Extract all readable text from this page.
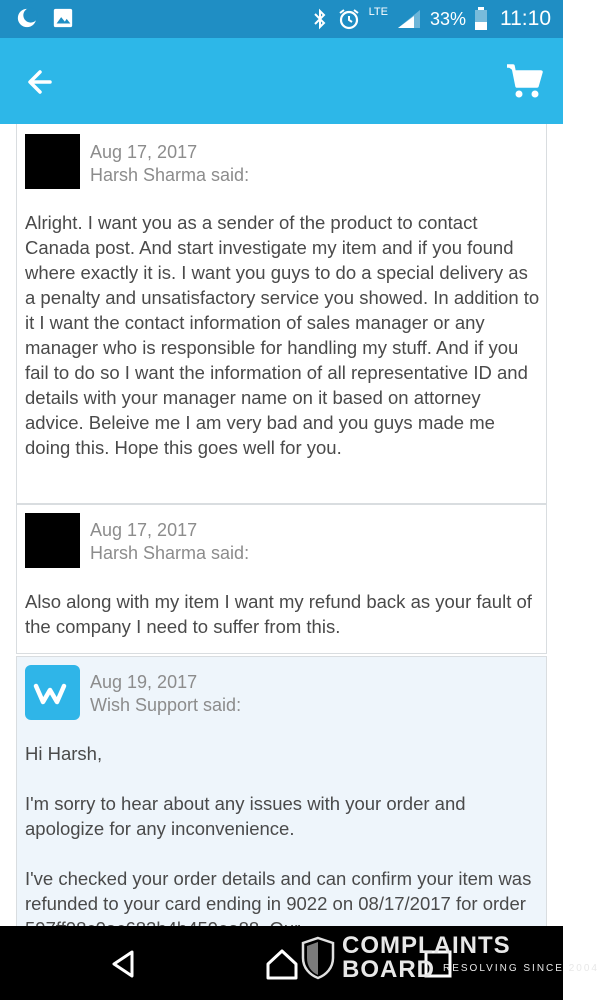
LTE 33% 11:10
Aug 17, 2017
Harsh Sharma said:
Alright. I want you as a sender of the product to contact Canada post. And start investigate my item and if you found where exactly it is. I want you guys to do a special delivery as a penalty and unsatisfactory service you showed. In addition to it I want the contact information of sales manager or any manager who is responsible for handling my stuff. And if you fail to do so I want the information of all representative ID and details with your manager name on it based on attorney advice. Beleive me I am very bad and you guys made me doing this. Hope this goes well for you.
Aug 17, 2017
Harsh Sharma said:
Also along with my item I want my refund back as your fault of the company I need to suffer from this.
Aug 19, 2017
Wish Support said:
Hi Harsh,
I'm sorry to hear about any issues with your order and apologize for any inconvenience.
I've checked your order details and can confirm your item was refunded to your card ending in 9022 on 08/17/2017 for order
COMPLAINTS
BOARD RESOLVING SINCE 2004
